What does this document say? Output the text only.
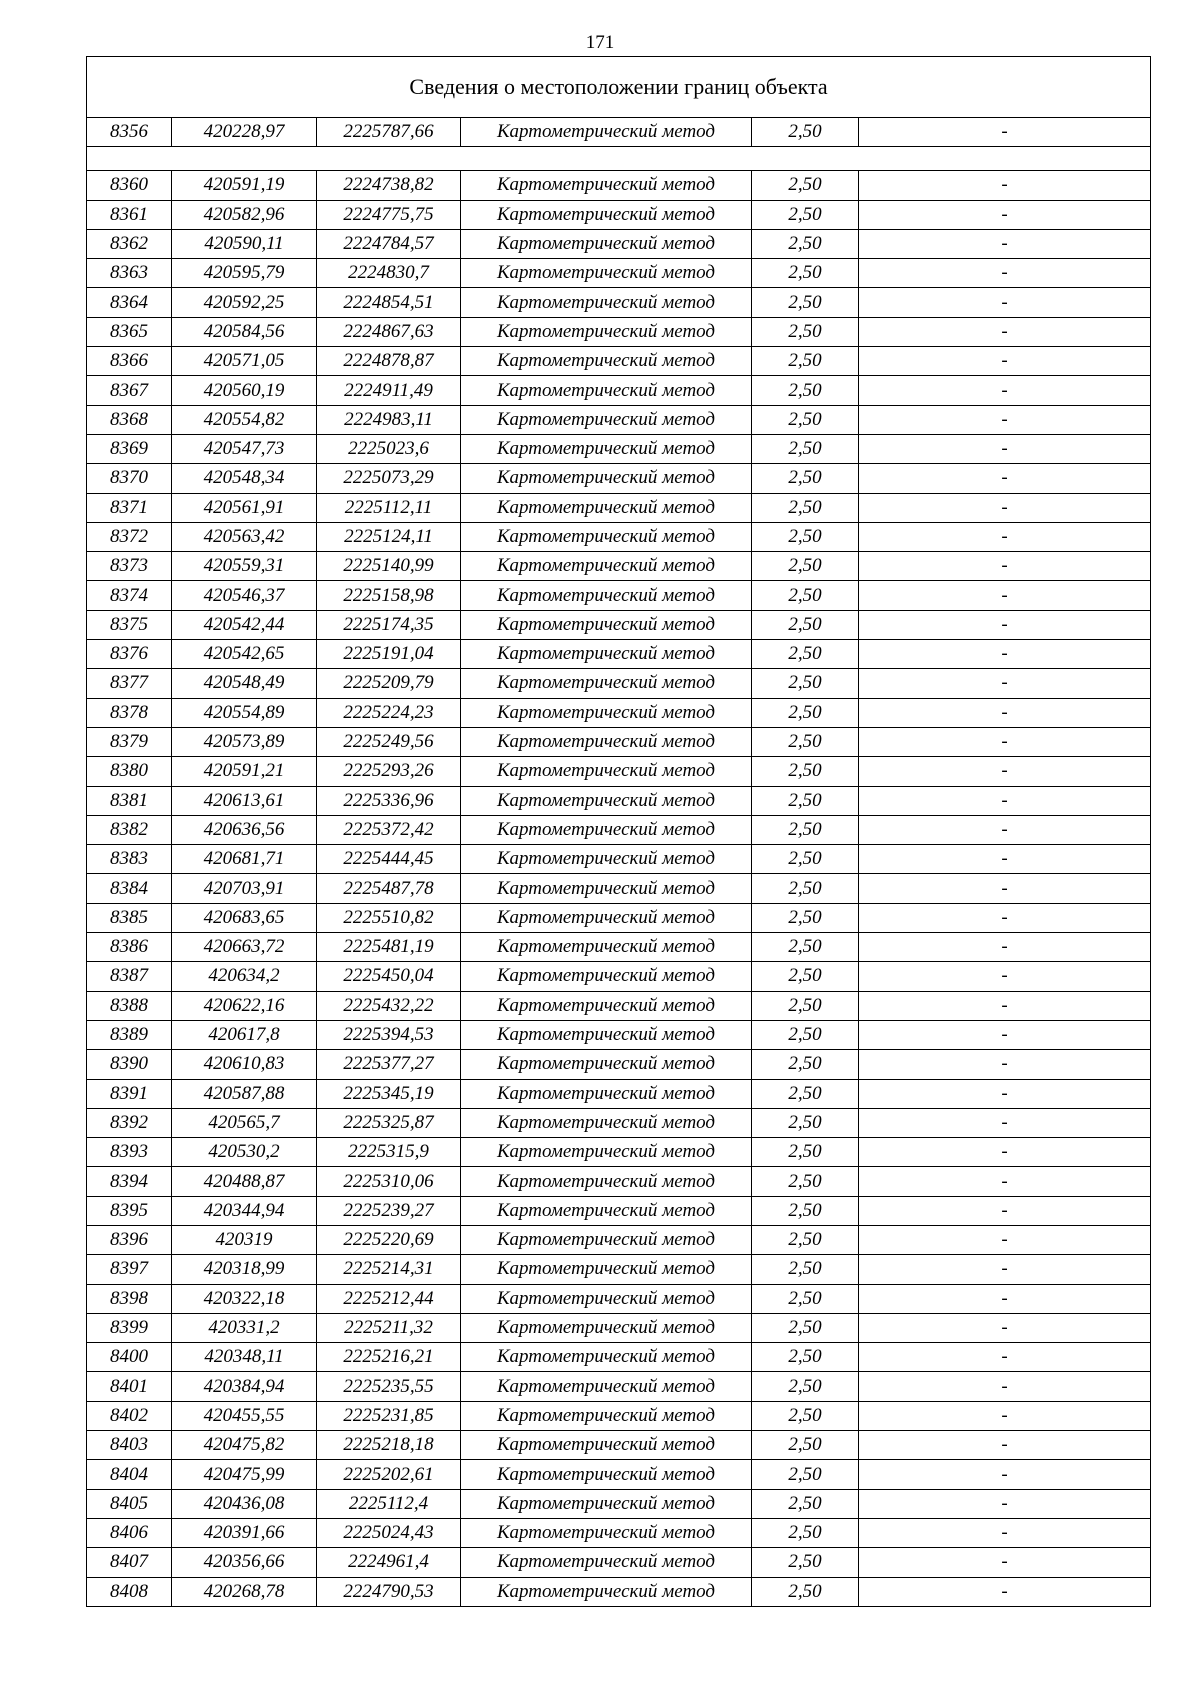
171
Сведения о местоположении границ объекта					
8356	420228,97	2225787,66	Картометрический метод	2,50	-

8360	420591,19	2224738,82	Картометрический метод	2,50	-
8361	420582,96	2224775,75	Картометрический метод	2,50	-
8362	420590,11	2224784,57	Картометрический метод	2,50	-
8363	420595,79	2224830,7	Картометрический метод	2,50	-
8364	420592,25	2224854,51	Картометрический метод	2,50	-
8365	420584,56	2224867,63	Картометрический метод	2,50	-
8366	420571,05	2224878,87	Картометрический метод	2,50	-
8367	420560,19	2224911,49	Картометрический метод	2,50	-
8368	420554,82	2224983,11	Картометрический метод	2,50	-
8369	420547,73	2225023,6	Картометрический метод	2,50	-
8370	420548,34	2225073,29	Картометрический метод	2,50	-
8371	420561,91	2225112,11	Картометрический метод	2,50	-
8372	420563,42	2225124,11	Картометрический метод	2,50	-
8373	420559,31	2225140,99	Картометрический метод	2,50	-
8374	420546,37	2225158,98	Картометрический метод	2,50	-
8375	420542,44	2225174,35	Картометрический метод	2,50	-
8376	420542,65	2225191,04	Картометрический метод	2,50	-
8377	420548,49	2225209,79	Картометрический метод	2,50	-
8378	420554,89	2225224,23	Картометрический метод	2,50	-
8379	420573,89	2225249,56	Картометрический метод	2,50	-
8380	420591,21	2225293,26	Картометрический метод	2,50	-
8381	420613,61	2225336,96	Картометрический метод	2,50	-
8382	420636,56	2225372,42	Картометрический метод	2,50	-
8383	420681,71	2225444,45	Картометрический метод	2,50	-
8384	420703,91	2225487,78	Картометрический метод	2,50	-
8385	420683,65	2225510,82	Картометрический метод	2,50	-
8386	420663,72	2225481,19	Картометрический метод	2,50	-
8387	420634,2	2225450,04	Картометрический метод	2,50	-
8388	420622,16	2225432,22	Картометрический метод	2,50	-
8389	420617,8	2225394,53	Картометрический метод	2,50	-
8390	420610,83	2225377,27	Картометрический метод	2,50	-
8391	420587,88	2225345,19	Картометрический метод	2,50	-
8392	420565,7	2225325,87	Картометрический метод	2,50	-
8393	420530,2	2225315,9	Картометрический метод	2,50	-
8394	420488,87	2225310,06	Картометрический метод	2,50	-
8395	420344,94	2225239,27	Картометрический метод	2,50	-
8396	420319	2225220,69	Картометрический метод	2,50	-
8397	420318,99	2225214,31	Картометрический метод	2,50	-
8398	420322,18	2225212,44	Картометрический метод	2,50	-
8399	420331,2	2225211,32	Картометрический метод	2,50	-
8400	420348,11	2225216,21	Картометрический метод	2,50	-
8401	420384,94	2225235,55	Картометрический метод	2,50	-
8402	420455,55	2225231,85	Картометрический метод	2,50	-
8403	420475,82	2225218,18	Картометрический метод	2,50	-
8404	420475,99	2225202,61	Картометрический метод	2,50	-
8405	420436,08	2225112,4	Картометрический метод	2,50	-
8406	420391,66	2225024,43	Картометрический метод	2,50	-
8407	420356,66	2224961,4	Картометрический метод	2,50	-
8408	420268,78	2224790,53	Картометрический метод	2,50	-
